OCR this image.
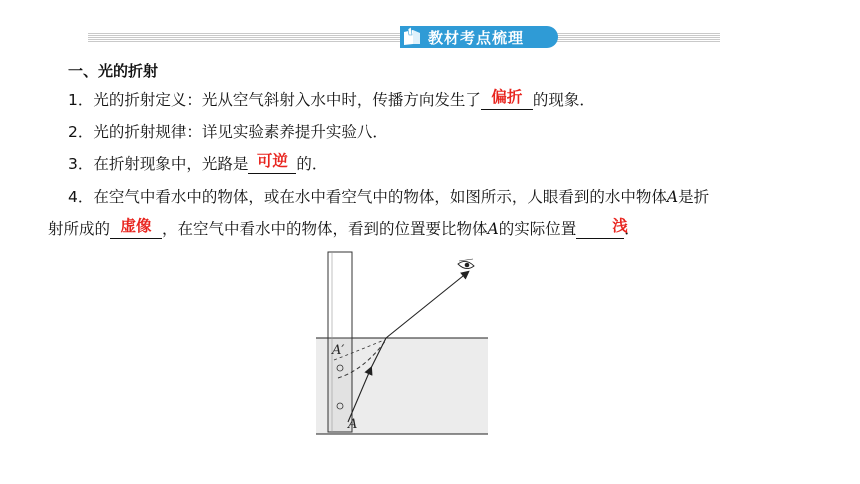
教材考点梳理
一、光的折射
1．光的折射定义：光从空气斜射入水中时，传播方向发生了 偏折 的现象．
2．光的折射规律：详见实验素养提升实验八．
3．在折射现象中，光路是 可逆 的．
4．在空气中看水中的物体，或在水中看空气中的物体，如图所示，人眼看到的水中物体A是折
射所成的 虚像 ，在空气中看水中的物体，看到的位置要比物体A的实际位置 浅
．
A′
A
